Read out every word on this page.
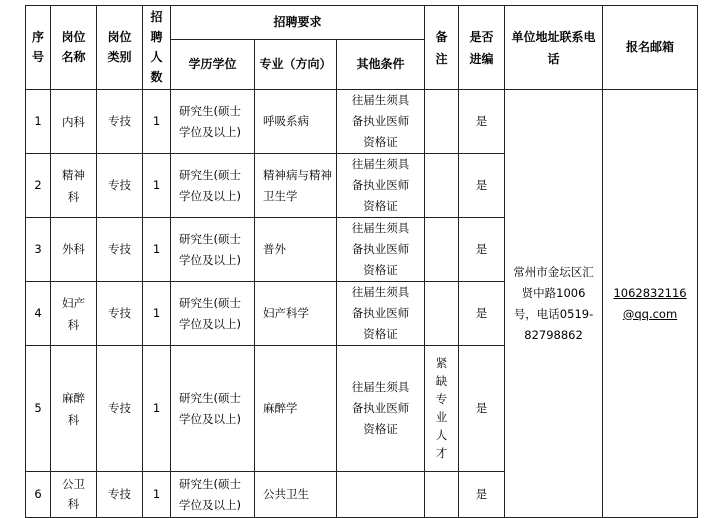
序号	岗位名称	岗位类别	招聘人数	招聘要求			备注	是否进编	单位地址联系电话	报名邮箱
				学历学位	专业（方向）	其他条件				
1	内科	专技	1	研究生(硕士学位及以上)	呼吸系病	往届生须具备执业医师资格证		是	常州市金坛区汇贤中路1006号，电话0519-82798862	1062832116@qq.com
2	精神科	专技	1	研究生(硕士学位及以上)	精神病与精神卫生学	往届生须具备执业医师资格证		是		
3	外科	专技	1	研究生(硕士学位及以上)	普外	往届生须具备执业医师资格证		是		
4	妇产科	专技	1	研究生(硕士学位及以上)	妇产科学	往届生须具备执业医师资格证		是		
5	麻醉科	专技	1	研究生(硕士学位及以上)	麻醉学	往届生须具备执业医师资格证	紧缺专业人才	是		
6	公卫科	专技	1	研究生(硕士学位及以上)	公共卫生			是		
